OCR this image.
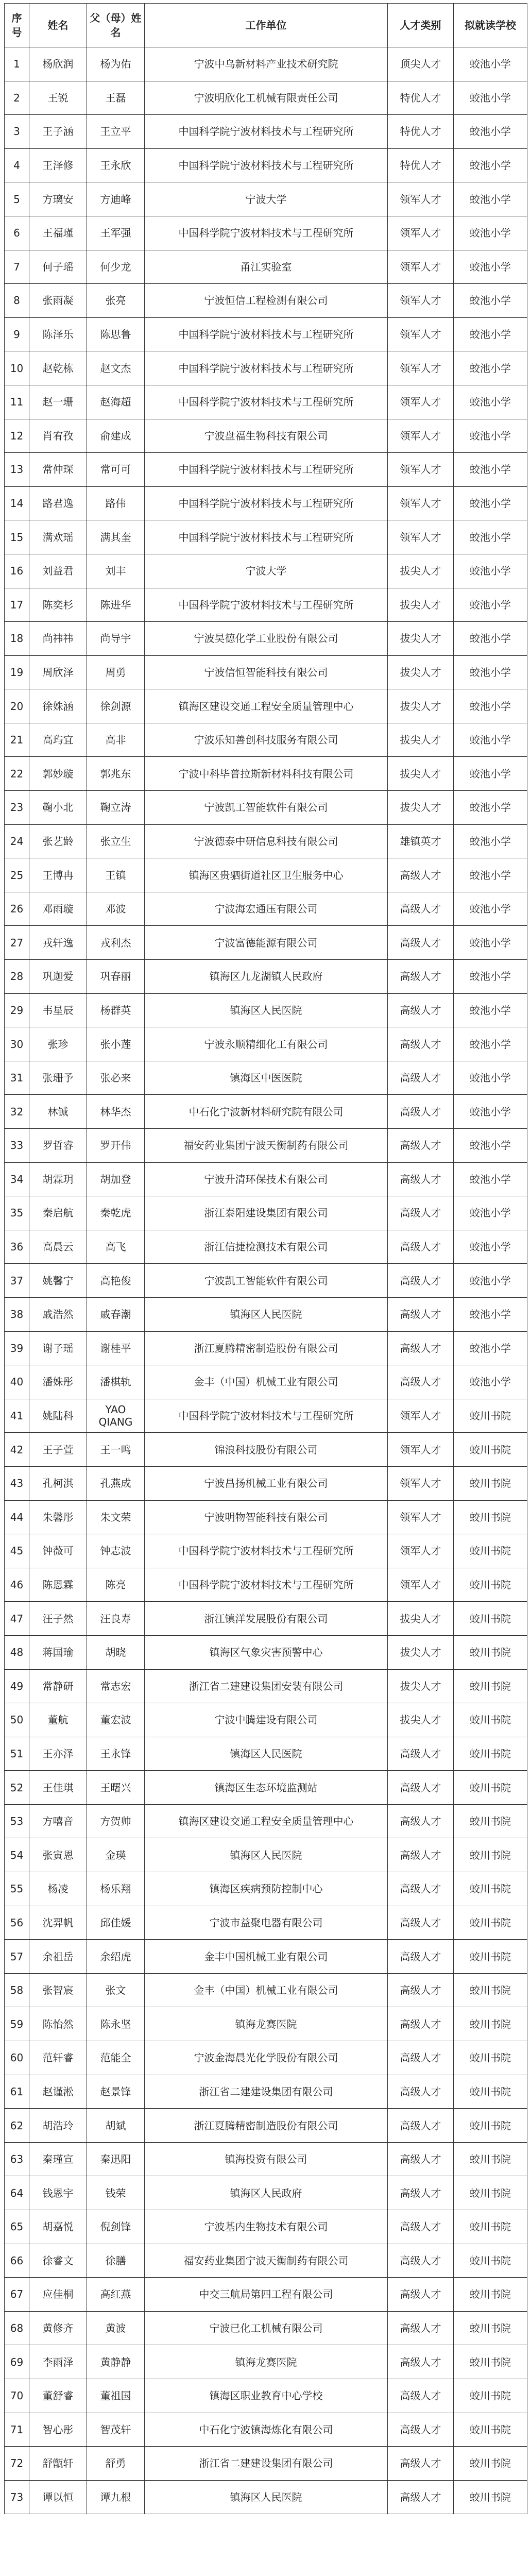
序号	姓名	父（母）姓名	工作单位	人才类别	拟就读学校
1	杨欣润	杨为佑	宁波中乌新材料产业技术研究院	顶尖人才	蛟池小学
2	王锐	王磊	宁波明欣化工机械有限责任公司	特优人才	蛟池小学
3	王子涵	王立平	中国科学院宁波材料技术与工程研究所	特优人才	蛟池小学
4	王泽修	王永欣	中国科学院宁波材料技术与工程研究所	特优人才	蛟池小学
5	方璃安	方迪峰	宁波大学	领军人才	蛟池小学
6	王福瑾	王军强	中国科学院宁波材料技术与工程研究所	领军人才	蛟池小学
7	何子瑶	何少龙	甬江实验室	领军人才	蛟池小学
8	张雨凝	张亮	宁波恒信工程检测有限公司	领军人才	蛟池小学
9	陈泽乐	陈思鲁	中国科学院宁波材料技术与工程研究所	领军人才	蛟池小学
10	赵乾栋	赵文杰	中国科学院宁波材料技术与工程研究所	领军人才	蛟池小学
11	赵一珊	赵海超	中国科学院宁波材料技术与工程研究所	领军人才	蛟池小学
12	肖宥孜	俞建成	宁波盘福生物科技有限公司	领军人才	蛟池小学
13	常仲琛	常可可	中国科学院宁波材料技术与工程研究所	领军人才	蛟池小学
14	路君逸	路伟	中国科学院宁波材料技术与工程研究所	领军人才	蛟池小学
15	满欢瑶	满其奎	中国科学院宁波材料技术与工程研究所	领军人才	蛟池小学
16	刘益君	刘丰	宁波大学	拔尖人才	蛟池小学
17	陈奕杉	陈进华	中国科学院宁波材料技术与工程研究所	拔尖人才	蛟池小学
18	尚祎祎	尚导宇	宁波昊德化学工业股份有限公司	拔尖人才	蛟池小学
19	周欣泽	周勇	宁波信恒智能科技有限公司	拔尖人才	蛟池小学
20	徐姝涵	徐剑源	镇海区建设交通工程安全质量管理中心	拔尖人才	蛟池小学
21	高玙宜	高非	宁波乐知善创科技服务有限公司	拔尖人才	蛟池小学
22	郭妙璇	郭兆东	宁波中科毕普拉斯新材料科技有限公司	拔尖人才	蛟池小学
23	鞠小北	鞠立涛	宁波凯工智能软件有限公司	拔尖人才	蛟池小学
24	张艺龄	张立生	宁波德泰中研信息科技有限公司	雄镇英才	蛟池小学
25	王博冉	王镇	镇海区贵驷街道社区卫生服务中心	高级人才	蛟池小学
26	邓雨璇	邓波	宁波海宏通压有限公司	高级人才	蛟池小学
27	戎轩逸	戎利杰	宁波富德能源有限公司	高级人才	蛟池小学
28	巩迦爱	巩春丽	镇海区九龙湖镇人民政府	高级人才	蛟池小学
29	韦星辰	杨群英	镇海区人民医院	高级人才	蛟池小学
30	张珍	张小莲	宁波永顺精细化工有限公司	高级人才	蛟池小学
31	张珊予	张必来	镇海区中医医院	高级人才	蛟池小学
32	林铖	林华杰	中石化宁波新材料研究院有限公司	高级人才	蛟池小学
33	罗哲睿	罗开伟	福安药业集团宁波天衡制药有限公司	高级人才	蛟池小学
34	胡霖玥	胡加登	宁波升清环保技术有限公司	高级人才	蛟池小学
35	秦启航	秦乾虎	浙江泰阳建设集团有限公司	高级人才	蛟池小学
36	高晨云	高飞	浙江信捷检测技术有限公司	高级人才	蛟池小学
37	姚馨宁	高艳俊	宁波凯工智能软件有限公司	高级人才	蛟池小学
38	戚浩然	戚春潮	镇海区人民医院	高级人才	蛟池小学
39	谢子瑶	谢桂平	浙江夏腾精密制造股份有限公司	高级人才	蛟池小学
40	潘姝彤	潘棋轨	金丰（中国）机械工业有限公司	高级人才	蛟池小学
41	姚陆科	YAO QIANG	中国科学院宁波材料技术与工程研究所	领军人才	蛟川书院
42	王子萱	王一鸣	锦浪科技股份有限公司	领军人才	蛟川书院
43	孔柯淇	孔燕成	宁波昌扬机械工业有限公司	领军人才	蛟川书院
44	朱馨彤	朱文荣	宁波明物智能科技有限公司	领军人才	蛟川书院
45	钟薇可	钟志波	中国科学院宁波材料技术与工程研究所	领军人才	蛟川书院
46	陈恩霖	陈亮	中国科学院宁波材料技术与工程研究所	领军人才	蛟川书院
47	汪子然	汪良寿	浙江镇洋发展股份有限公司	拔尖人才	蛟川书院
48	蒋国瑜	胡晓	镇海区气象灾害预警中心	拔尖人才	蛟川书院
49	常静研	常志宏	浙江省二建建设集团安装有限公司	拔尖人才	蛟川书院
50	董航	董宏波	宁波中腾建设有限公司	拔尖人才	蛟川书院
51	王亦泽	王永锋	镇海区人民医院	高级人才	蛟川书院
52	王佳琪	王曙兴	镇海区生态环境监测站	高级人才	蛟川书院
53	方嘻音	方贺帅	镇海区建设交通工程安全质量管理中心	高级人才	蛟川书院
54	张寅恩	金瑛	镇海区人民医院	高级人才	蛟川书院
55	杨凌	杨乐翔	镇海区疾病预防控制中心	高级人才	蛟川书院
56	沈羿帆	邱佳媛	宁波市益聚电器有限公司	高级人才	蛟川书院
57	余祖岳	余绍虎	金丰中国机械工业有限公司	高级人才	蛟川书院
58	张智宸	张文	金丰（中国）机械工业有限公司	高级人才	蛟川书院
59	陈怡然	陈永坚	镇海龙赛医院	高级人才	蛟川书院
60	范轩睿	范能全	宁波金海晨光化学股份有限公司	高级人才	蛟川书院
61	赵谨淞	赵景锋	浙江省二建建设集团有限公司	高级人才	蛟川书院
62	胡浩玲	胡斌	浙江夏腾精密制造股份有限公司	高级人才	蛟川书院
63	秦瑾宣	秦迅阳	镇海投资有限公司	高级人才	蛟川书院
64	钱恩宇	钱荣	镇海区人民政府	高级人才	蛟川书院
65	胡嘉悦	倪剑锋	宁波基内生物技术有限公司	高级人才	蛟川书院
66	徐睿文	徐膳	福安药业集团宁波天衡制药有限公司	高级人才	蛟川书院
67	应佳桐	高红燕	中交三航局第四工程有限公司	高级人才	蛟川书院
68	黄修齐	黄波	宁波已化工机械有限公司	高级人才	蛟川书院
69	李雨泽	黄静静	镇海龙赛医院	高级人才	蛟川书院
70	董舒睿	董祖国	镇海区职业教育中心学校	高级人才	蛟川书院
71	智心彤	智茂轩	中石化宁波镇海炼化有限公司	高级人才	蛟川书院
72	舒甑轩	舒勇	浙江省二建建设集团有限公司	高级人才	蛟川书院
73	谭以恒	谭九根	镇海区人民医院	高级人才	蛟川书院
